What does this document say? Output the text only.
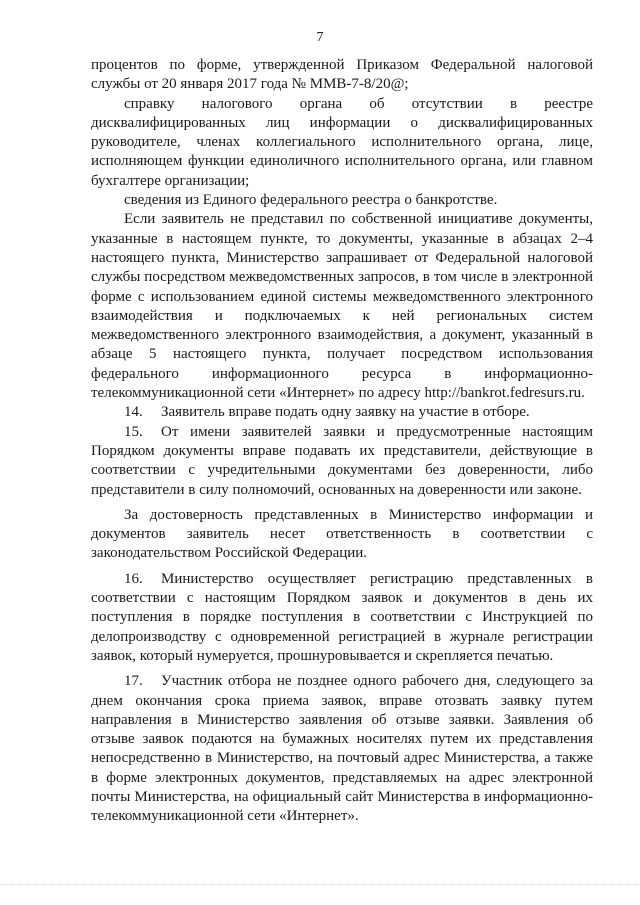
7

процентов по форме, утвержденной Приказом Федеральной налоговой службы от 20 января 2017 года № ММВ-7-8/20@;

справку налогового органа об отсутствии в реестре дисквалифицированных лиц информации о дисквалифицированных руководителе, членах коллегиального исполнительного органа, лице, исполняющем функции единоличного исполнительного органа, или главном бухгалтере организации;

сведения из Единого федерального реестра о банкротстве.

Если заявитель не представил по собственной инициативе документы, указанные в настоящем пункте, то документы, указанные в абзацах 2–4 настоящего пункта, Министерство запрашивает от Федеральной налоговой службы посредством межведомственных запросов, в том числе в электронной форме с использованием единой системы межведомственного электронного взаимодействия и подключаемых к ней региональных систем межведомственного электронного взаимодействия, а документ, указанный в абзаце 5 настоящего пункта, получает посредством использования федерального информационного ресурса в информационно-телекоммуникационной сети «Интернет» по адресу http://bankrot.fedresurs.ru.

14. Заявитель вправе подать одну заявку на участие в отборе.

15. От имени заявителей заявки и предусмотренные настоящим Порядком документы вправе подавать их представители, действующие в соответствии с учредительными документами без доверенности, либо представители в силу полномочий, основанных на доверенности или законе.

За достоверность представленных в Министерство информации и документов заявитель несет ответственность в соответствии с законодательством Российской Федерации.

16. Министерство осуществляет регистрацию представленных в соответствии с настоящим Порядком заявок и документов в день их поступления в порядке поступления в соответствии с Инструкцией по делопроизводству с одновременной регистрацией в журнале регистрации заявок, который нумеруется, прошнуровывается и скрепляется печатью.

17. Участник отбора не позднее одного рабочего дня, следующего за днем окончания срока приема заявок, вправе отозвать заявку путем направления в Министерство заявления об отзыве заявки. Заявления об отзыве заявок подаются на бумажных носителях путем их представления непосредственно в Министерство, на почтовый адрес Министерства, а также в форме электронных документов, представляемых на адрес электронной почты Министерства, на официальный сайт Министерства в информационно-телекоммуникационной сети «Интернет».
